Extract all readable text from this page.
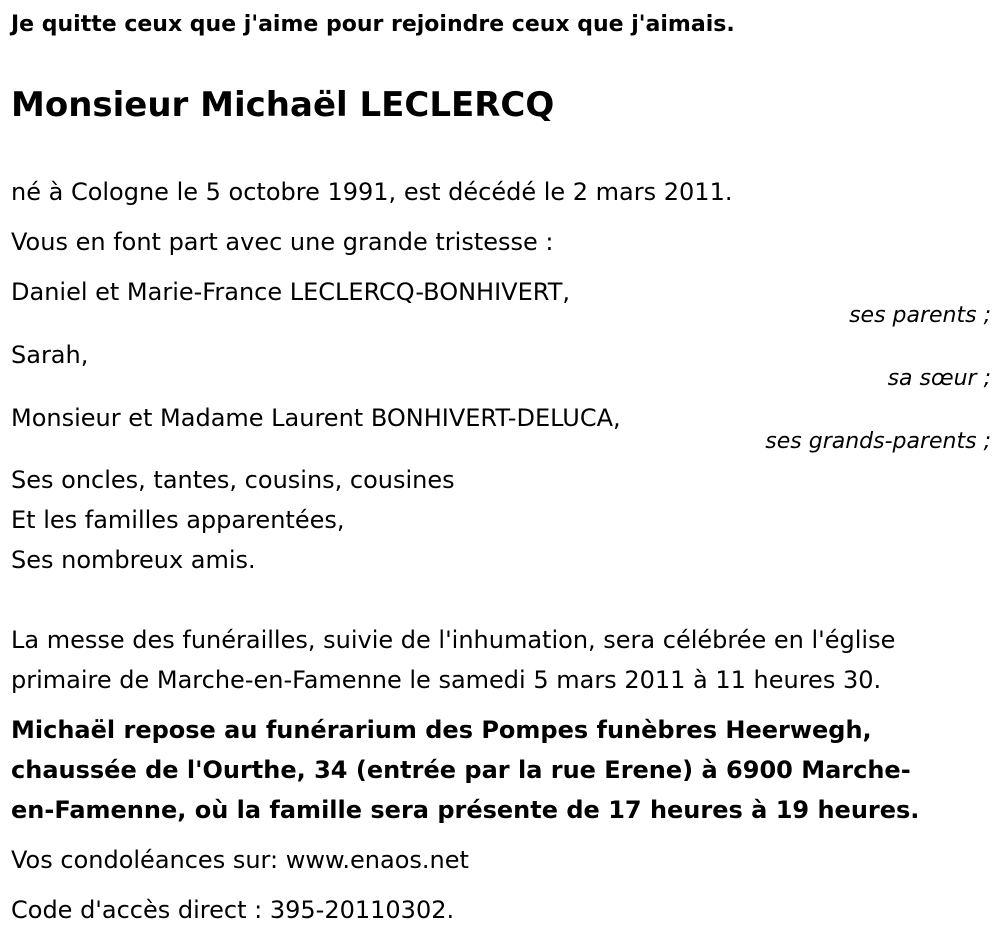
Je quitte ceux que j'aime pour rejoindre ceux que j'aimais.
Monsieur Michaël LECLERCQ
né à Cologne le 5 octobre 1991, est décédé le 2 mars 2011.
Vous en font part avec une grande tristesse :
Daniel et Marie-France LECLERCQ-BONHIVERT,
ses parents ;
Sarah,
sa sœur ;
Monsieur et Madame Laurent BONHIVERT-DELUCA,
ses grands-parents ;
Ses oncles, tantes, cousins, cousines
Et les familles apparentées,
Ses nombreux amis.
La messe des funérailles, suivie de l'inhumation, sera célébrée en l'église
primaire de Marche-en-Famenne le samedi 5 mars 2011 à 11 heures 30.
Michaël repose au funérarium des Pompes funèbres Heerwegh,
chaussée de l'Ourthe, 34 (entrée par la rue Erene) à 6900 Marche-
en-Famenne, où la famille sera présente de 17 heures à 19 heures.
Vos condoléances sur: www.enaos.net
Code d'accès direct : 395-20110302.
